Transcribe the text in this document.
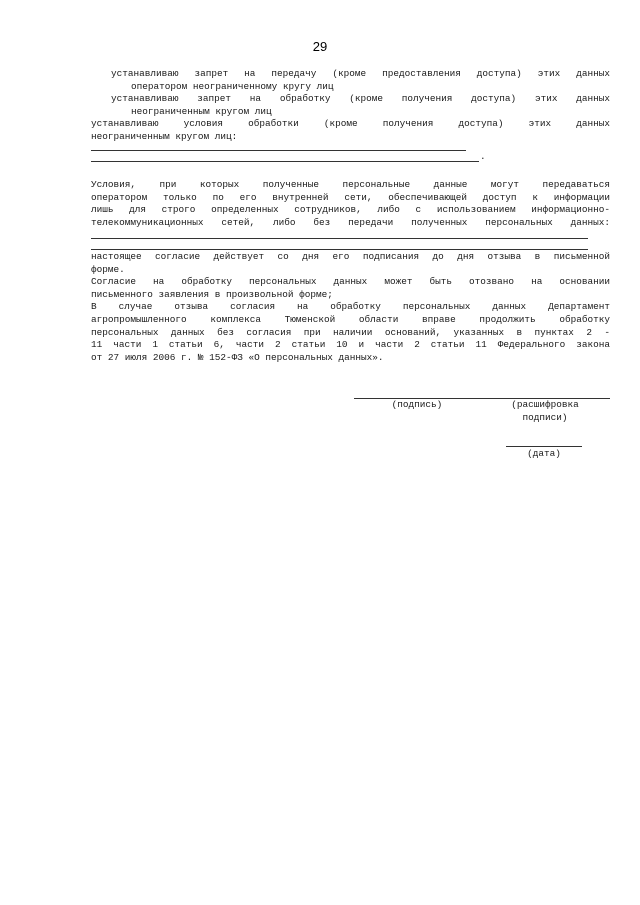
29
устанавливаю запрет на передачу (кроме предоставления доступа) этих данных
оператором неограниченному кругу лиц
устанавливаю запрет на обработку (кроме получения доступа) этих данных
неограниченным кругом лиц
устанавливаю условия обработки (кроме получения доступа) этих данных
неограниченным кругом лиц:
.
Условия, при которых полученные персональные данные могут передаваться
оператором только по его внутренней сети, обеспечивающей доступ к информации
лишь для строго определенных сотрудников, либо с использованием информационно-
телекоммуникационных сетей, либо без передачи полученных персональных данных:
настоящее согласие действует со дня его подписания до дня отзыва в письменной
форме.
Согласие на обработку персональных данных может быть отозвано на основании
письменного заявления в произвольной форме;
В случае отзыва согласия на обработку персональных данных Департамент
агропромышленного комплекса Тюменской области вправе продолжить обработку
персональных данных без согласия при наличии оснований, указанных в пунктах 2 -
11 части 1 статьи 6, части 2 статьи 10 и части 2 статьи 11 Федерального закона
от 27 июля 2006 г. № 152-ФЗ «О персональных данных».
(подпись)	(расшифровка
подписи)
(дата)
